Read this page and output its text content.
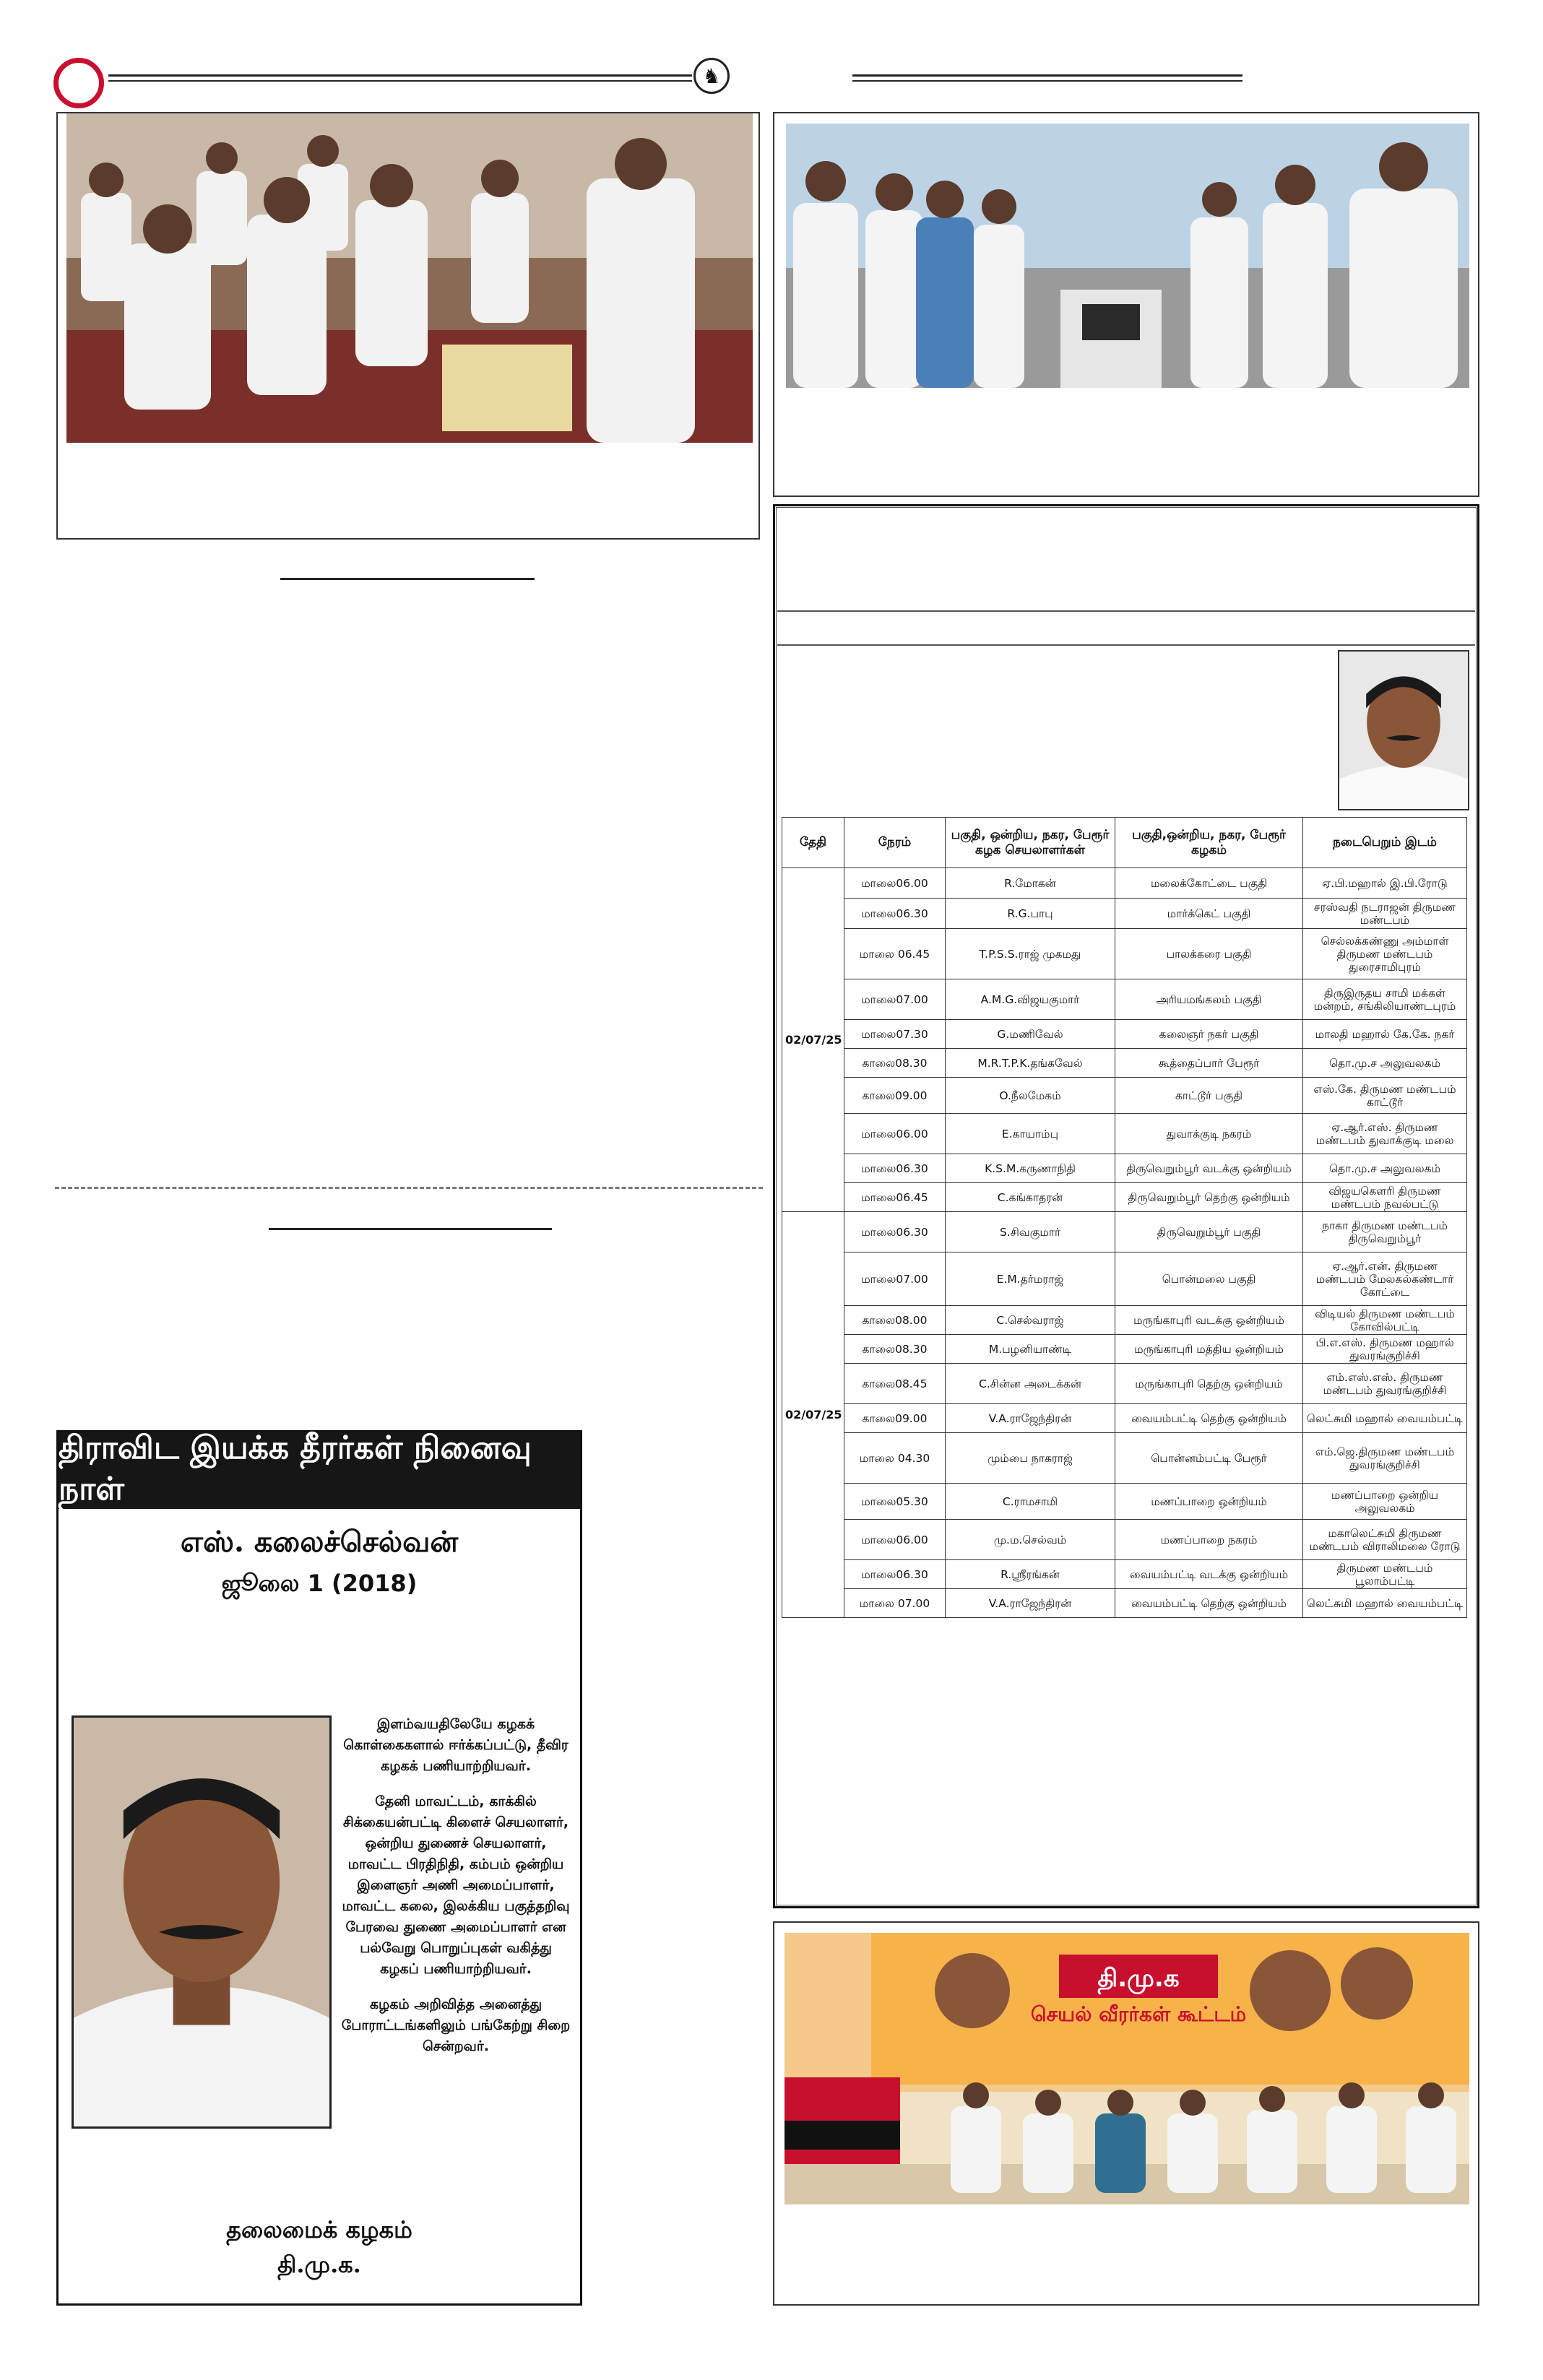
♞
திராவிட இயக்க தீரர்கள் நினைவு நாள்
எஸ். கலைச்செல்வன்
ஜூலை 1 (2018)

இளம்வயதிலேயே கழகக் கொள்கைகளால் ஈர்க்கப்பட்டு, தீவிர கழகக் பணியாற்றியவர்.

தேனி மாவட்டம், காக்கில் சிக்கையன்பட்டி கிளைச் செயலாளர், ஒன்றிய துணைச் செயலாளர், மாவட்ட பிரதிநிதி, கம்பம் ஒன்றிய இளைஞர் அணி அமைப்பாளர், மாவட்ட கலை, இலக்கிய பகுத்தறிவு பேரவை துணை அமைப்பாளர் என பல்வேறு பொறுப்புகள் வகித்து கழகப் பணியாற்றியவர்.

கழகம் அறிவித்த அனைத்து போராட்டங்களிலும் பங்கேற்று சிறை சென்றவர்.

தலைமைக் கழகம்
தி.மு.க.
தேதி	நேரம்	பகுதி, ஒன்றிய, நகர, பேரூர் கழக செயலாளர்கள்	பகுதி,ஒன்றிய, நகர, பேரூர் கழகம்	நடைபெறும் இடம்
02/07/25	மாலை06.00	R.மோகன்	மலைக்கோட்டை பகுதி	ஏ.பி.மஹால் இ.பி.ரோடு
	மாலை06.30	R.G.பாபு	மார்க்கெட் பகுதி	சரஸ்வதி நடராஜன் திருமண மண்டபம்
	மாலை 06.45	T.P.S.S.ராஜ் முகமது	பாலக்கரை பகுதி	செல்லக்கண்ணு அம்மாள் திருமண மண்டபம் துரைசாமிபுரம்
	மாலை07.00	A.M.G.விஜயகுமார்	அரியமங்கலம் பகுதி	திருஇருதய சாமி மக்கள் மன்றம், சங்கிலியாண்டபுரம்
	மாலை07.30	G.மணிவேல்	கலைஞர் நகர் பகுதி	மாலதி மஹால் கே.கே. நகர்
	காலை08.30	M.R.T.P.K.தங்கவேல்	கூத்தைப்பார் பேரூர்	தொ.மு.ச அலுவலகம்
	காலை09.00	O.நீலமேகம்	காட்டூர் பகுதி	எஸ்.கே. திருமண மண்டபம் காட்டூர்
	மாலை06.00	E.காயாம்பு	துவாக்குடி நகரம்	ஏ.ஆர்.எஸ். திருமண மண்டபம் துவாக்குடி மலை
	மாலை06.30	K.S.M.கருணாநிதி	திருவெறும்பூர் வடக்கு ஒன்றியம்	தொ.மு.ச அலுவலகம்
	மாலை06.45	C.கங்காதரன்	திருவெறும்பூர் தெற்கு ஒன்றியம்	விஜயகௌரி திருமண மண்டபம் நவல்பட்டு
02/07/25	மாலை06.30	S.சிவகுமார்	திருவெறும்பூர் பகுதி	நாகா திருமண மண்டபம் திருவெறும்பூர்
	மாலை07.00	E.M.தர்மராஜ்	பொன்மலை பகுதி	ஏ.ஆர்.என். திருமண மண்டபம் மேலகல்கண்டார் கோட்டை
	காலை08.00	C.செல்வராஜ்	மருங்காபுரி வடக்கு ஒன்றியம்	விடியல் திருமண மண்டபம் கோவில்பட்டி
	காலை08.30	M.பழனியாண்டி	மருங்காபுரி மத்திய ஒன்றியம்	பி.எ.எஸ். திருமண மஹால் துவரங்குறிச்சி
	காலை08.45	C.சின்ன அடைக்கன்	மருங்காபுரி தெற்கு ஒன்றியம்	எம்.எஸ்.எஸ். திருமண மண்டபம் துவரங்குறிச்சி
	காலை09.00	V.A.ராஜேந்திரன்	வையம்பட்டி தெற்கு ஒன்றியம்	லெட்சுமி மஹால் வையம்பட்டி
	மாலை 04.30	மும்பை நாகராஜ்	பொன்னம்பட்டி பேரூர்	எம்.ஜெ.திருமண மண்டபம் துவரங்குறிச்சி
	மாலை05.30	C.ராமசாமி	மணப்பாறை ஒன்றியம்	மணப்பாறை ஒன்றிய அலுவலகம்
	மாலை06.00	மு.ம.செல்வம்	மணப்பாறை நகரம்	மகாலெட்சுமி திருமண மண்டபம் விராலிமலை ரோடு
	மாலை06.30	R.ஸ்ரீரங்கன்	வையம்பட்டி வடக்கு ஒன்றியம்	திருமண மண்டபம் பூலாம்பட்டி
	மாலை 07.00	V.A.ராஜேந்திரன்	வையம்பட்டி தெற்கு ஒன்றியம்	லெட்சுமி மஹால் வையம்பட்டி
தி.மு.க
செயல் வீரர்கள் கூட்டம்
